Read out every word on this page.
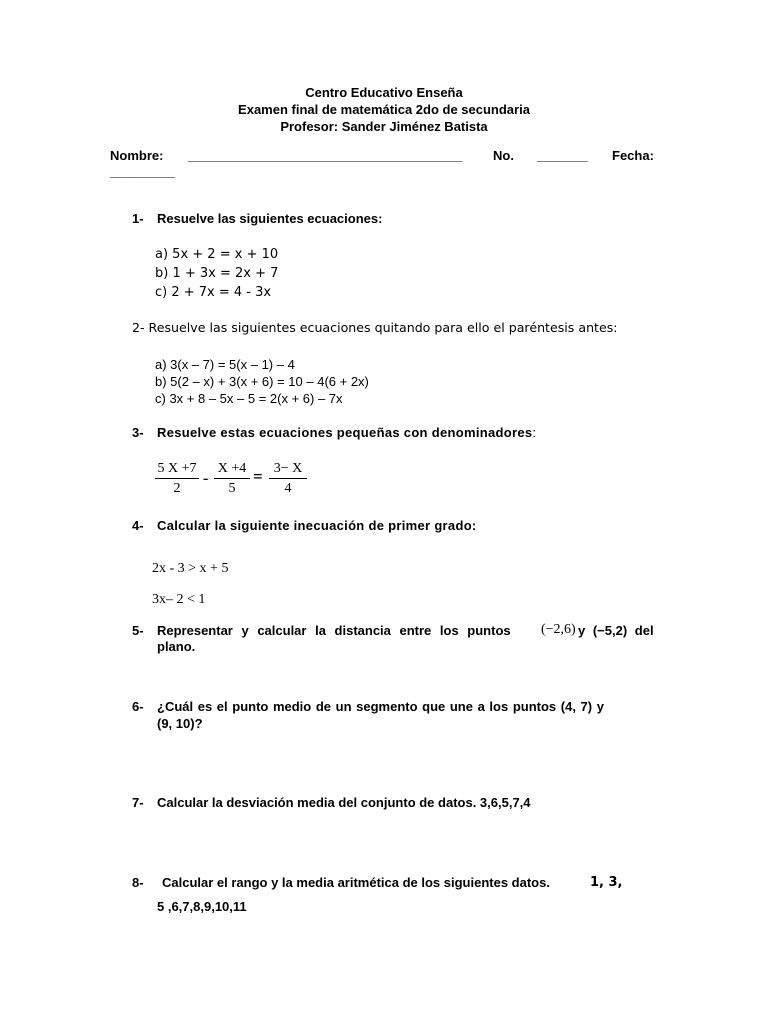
Centro Educativo Enseña
Examen final de matemática 2do de secundaria
Profesor: Sander Jiménez Batista
Nombre: _______________________________________ No. _______ Fecha:
_________
1- Resuelve las siguientes ecuaciones:
a) 5x + 2 = x + 10
b) 1 + 3x = 2x + 7
c) 2 + 7x = 4 - 3x
2- Resuelve las siguientes ecuaciones quitando para ello el paréntesis antes:
a) 3(x – 7) = 5(x – 1) – 4
b) 5(2 – x) + 3(x + 6) = 10 – 4(6 + 2x)
c) 3x + 8 – 5x – 5 = 2(x + 6) – 7x
3- Resuelve estas ecuaciones pequeñas con denominadores:
5 X +7
2
-
X +4
5
= 3− X
4
4- Calcular la siguiente inecuación de primer grado:
2x - 3 > x + 5
3x– 2 < 1
5- Representar y calcular la distancia entre los puntos (−2,6) y (−5,2) del
plano.
6- ¿Cuál es el punto medio de un segmento que une a los puntos (4, 7) y
(9, 10)?
7- Calcular la desviación media del conjunto de datos. 3,6,5,7,4
8- Calcular el rango y la media aritmética de los siguientes datos.	1, 3,
5 ,6,7,8,9,10,11
